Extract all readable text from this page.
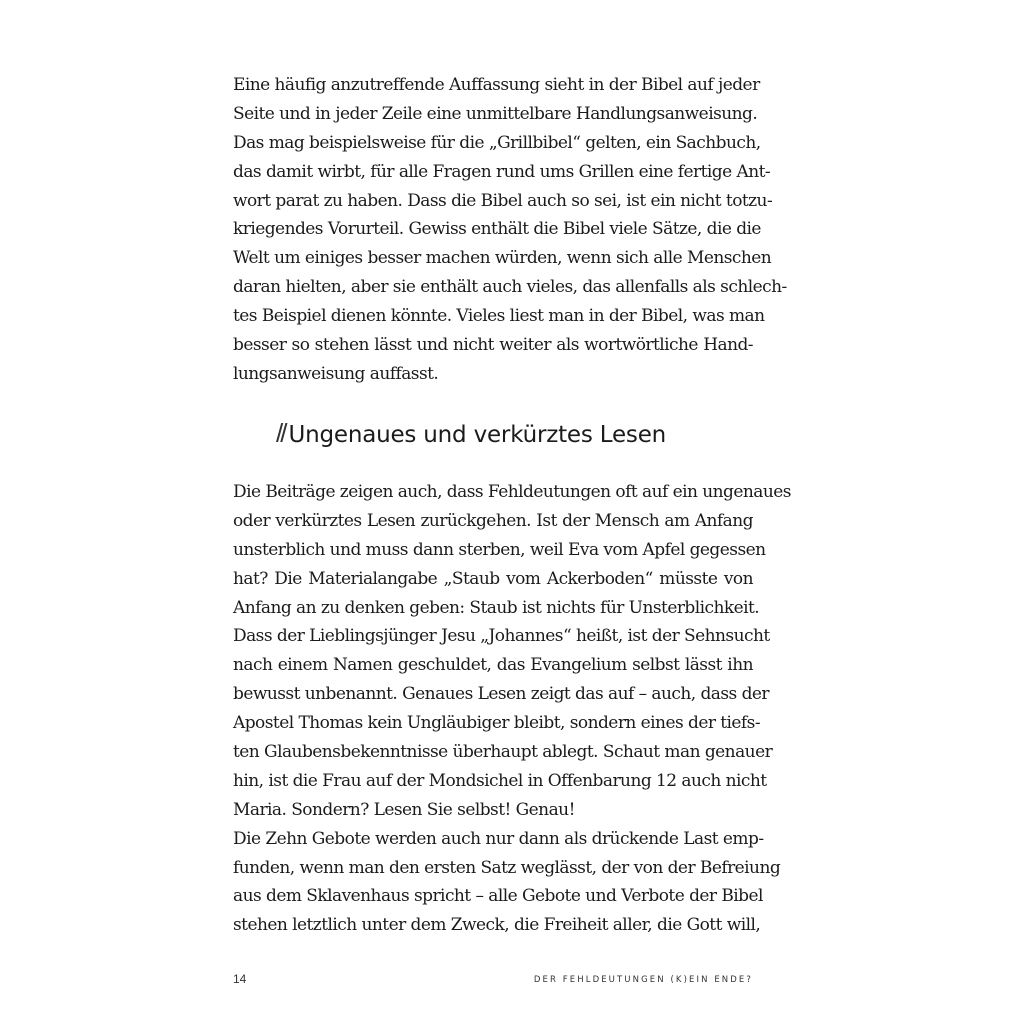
Eine häufig anzutreffende Auffassung sieht in der Bibel auf jeder
Seite und in jeder Zeile eine unmittelbare Handlungsanweisung.
Das mag beispielsweise für die „Grillbibel“ gelten, ein Sachbuch,
das damit wirbt, für alle Fragen rund ums Grillen eine fertige Ant-
wort parat zu haben. Dass die Bibel auch so sei, ist ein nicht totzu-
kriegendes Vorurteil. Gewiss enthält die Bibel viele Sätze, die die
Welt um einiges besser machen würden, wenn sich alle Menschen
daran hielten, aber sie enthält auch vieles, das allenfalls als schlech-
tes Beispiel dienen könnte. Vieles liest man in der Bibel, was man
besser so stehen lässt und nicht weiter als wortwörtliche Hand-
lungsanweisung auffasst.
// Ungenaues und verkürztes Lesen
Die Beiträge zeigen auch, dass Fehldeutungen oft auf ein ungenaues
oder verkürztes Lesen zurückgehen. Ist der Mensch am Anfang
unsterblich und muss dann sterben, weil Eva vom Apfel gegessen
hat? Die Materialangabe „Staub vom Ackerboden“ müsste von
Anfang an zu denken geben: Staub ist nichts für Unsterblichkeit.
Dass der Lieblingsjünger Jesu „Johannes“ heißt, ist der Sehnsucht
nach einem Namen geschuldet, das Evangelium selbst lässt ihn
bewusst unbenannt. Genaues Lesen zeigt das auf – auch, dass der
Apostel Thomas kein Ungläubiger bleibt, sondern eines der tiefs-
ten Glaubensbekenntnisse überhaupt ablegt. Schaut man genauer
hin, ist die Frau auf der Mondsichel in Offenbarung 12 auch nicht
Maria. Sondern? Lesen Sie selbst! Genau!
Die Zehn Gebote werden auch nur dann als drückende Last emp-
funden, wenn man den ersten Satz weglässt, der von der Befreiung
aus dem Sklavenhaus spricht – alle Gebote und Verbote der Bibel
stehen letztlich unter dem Zweck, die Freiheit aller, die Gott will,
14	DER FEHLDEUTUNGEN (K)EIN ENDE?
